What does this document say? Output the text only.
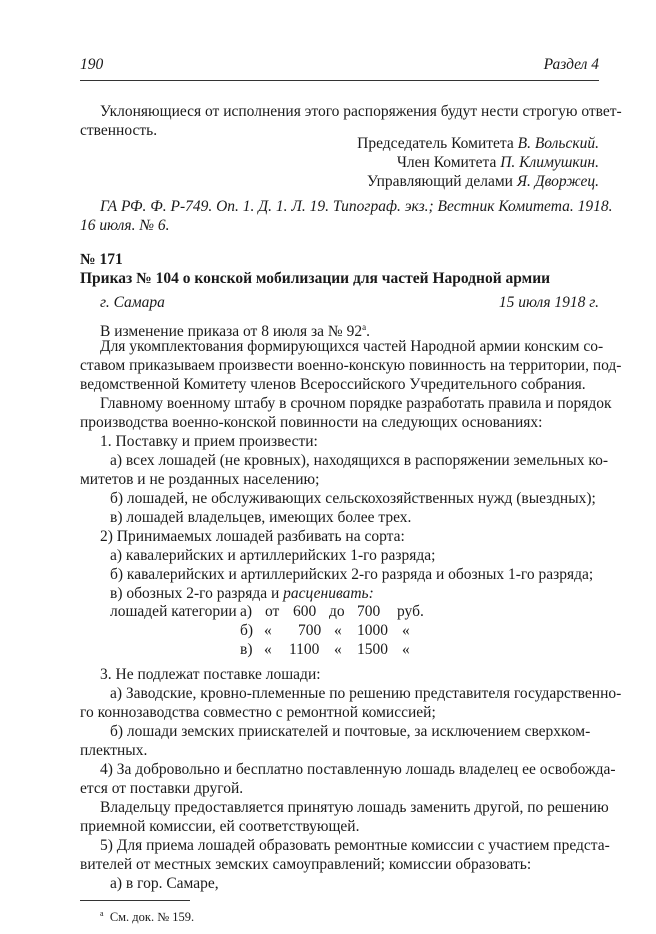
190	Раздел 4
Уклоняющиеся от исполнения этого распоряжения будут нести строгую ответ-
ственность.
Председатель Комитета В. Вольский.
Член Комитета П. Климушкин.
Управляющий делами Я. Дворжец.
ГА РФ. Ф. Р-749. Оп. 1. Д. 1. Л. 19. Типограф. экз.; Вестник Комитета. 1918.
16 июля. № 6.
№ 171
Приказ № 104 о конской мобилизации для частей Народной армии
г. Самара	15 июля 1918 г.
В изменение приказа от 8 июля за № $92^а$.
Для укомплектования формирующихся частей Народной армии конским со-
ставом приказываем произвести военно-конскую повинность на территории, под-
ведомственной Комитету членов Всероссийского Учредительного собрания.
Главному военному штабу в срочном порядке разработать правила и порядок
производства военно-конской повинности на следующих основаниях:
1. Поставку и прием произвести:
а) всех лошадей (не кровных), находящихся в распоряжении земельных ко-
митетов и не розданных населению;
б) лошадей, не обслуживающих сельскохозяйственных нужд (выездных);
в) лошадей владельцев, имеющих более трех.
2) Принимаемых лошадей разбивать на сорта:
а) кавалерийских и артиллерийских 1-го разряда;
б) кавалерийских и артиллерийских 2-го разряда и обозных 1-го разряда;
в) обозных 2-го разряда и расценивать:
лошадей категории а) от 600 до 700 руб.
б) « 700 « 1000 «
в) « 1100 « 1500 «
3. Не подлежат поставке лошади:
а) Заводские, кровно-племенные по решению представителя государственно-
го коннозаводства совместно с ремонтной комиссией;
б) лошади земских приискателей и почтовые, за исключением сверхком-
плектных.
4) За добровольно и бесплатно поставленную лошадь владелец ее освобожда-
ется от поставки другой.
Владельцу предоставляется принятую лошадь заменить другой, по решению
приемной комиссии, ей соответствующей.
5) Для приема лошадей образовать ремонтные комиссии с участием предста-
вителей от местных земских самоуправлений; комиссии образовать:
а) в гор. Самаре,
$^а$ См. док. № 159.
